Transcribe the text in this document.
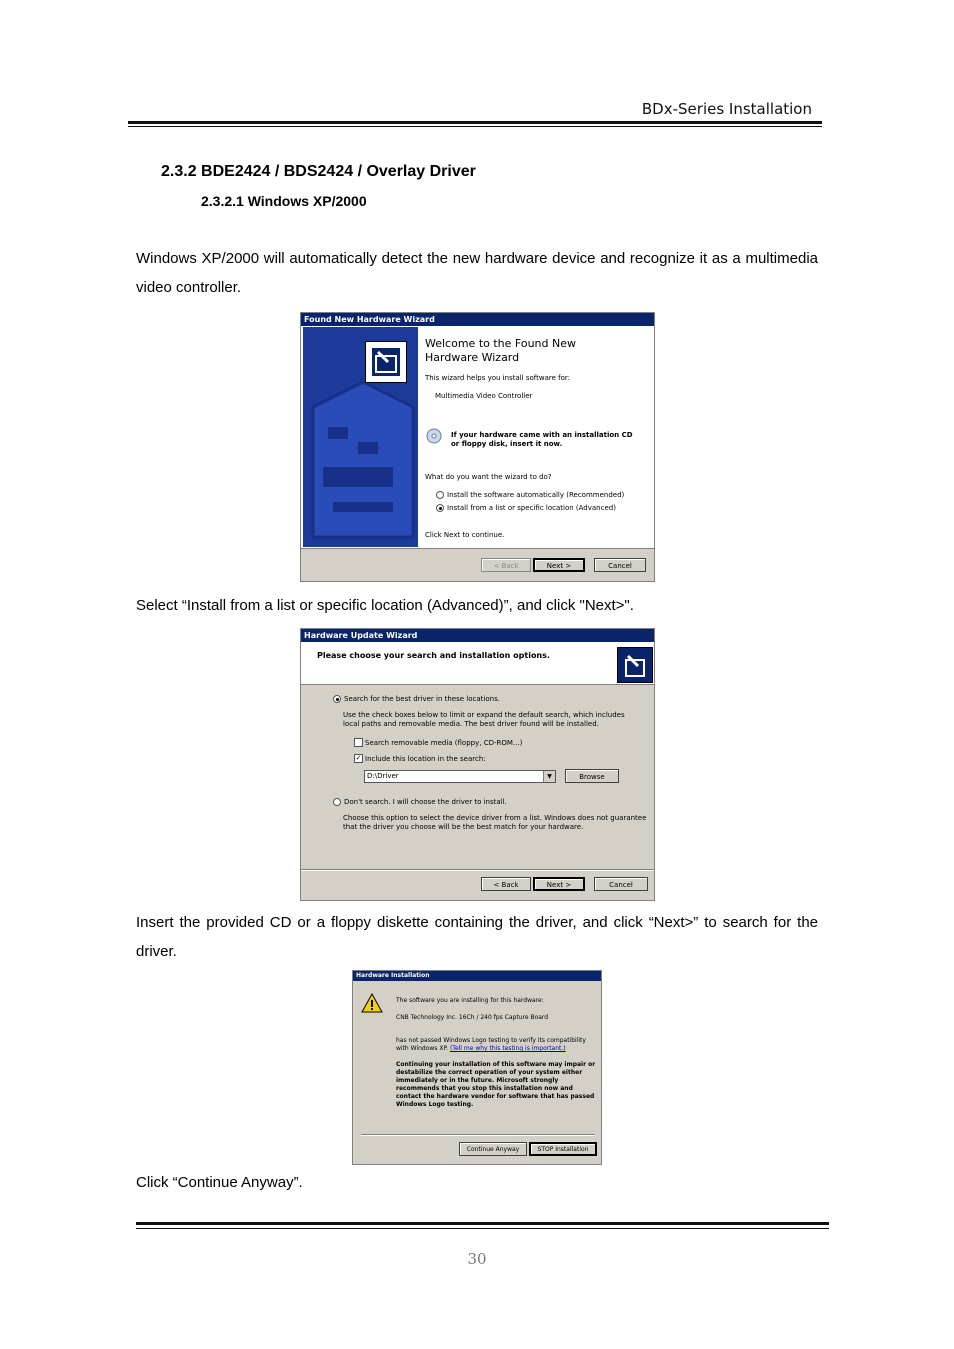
BDx-Series Installation
2.3.2 BDE2424 / BDS2424 / Overlay Driver
2.3.2.1 Windows XP/2000
Windows XP/2000 will automatically detect the new hardware device and recognize it as a multimedia video controller.
Found New Hardware Wizard
Welcome to the Found New Hardware Wizard
This wizard helps you install software for:
Multimedia Video Controller
If your hardware came with an installation CD or floppy disk, insert it now.
What do you want the wizard to do?
Install the software automatically (Recommended)
Install from a list or specific location (Advanced)
Click Next to continue.
< Back	Next >	Cancel
Select “Install from a list or specific location (Advanced)”, and click "Next>".
Hardware Update Wizard
Please choose your search and installation options.
Search for the best driver in these locations.
Use the check boxes below to limit or expand the default search, which includes local paths and removable media. The best driver found will be installed.
Search removable media (floppy, CD-ROM...)
✓ Include this location in the search:
D:\Driver	▼	Browse
Don't search. I will choose the driver to install.
Choose this option to select the device driver from a list. Windows does not guarantee that the driver you choose will be the best match for your hardware.
< Back	Next >	Cancel
Insert the provided CD or a floppy diskette containing the driver, and click “Next>” to search for the driver.
Hardware Installation
The software you are installing for this hardware:
CNB Technology Inc. 16Ch / 240 fps Capture Board
has not passed Windows Logo testing to verify its compatibility with Windows XP. (Tell me why this testing is important.)
Continuing your installation of this software may impair or destabilize the correct operation of your system either immediately or in the future. Microsoft strongly recommends that you stop this installation now and contact the hardware vendor for software that has passed Windows Logo testing.
Continue Anyway	STOP Installation
Click “Continue Anyway”.
30
